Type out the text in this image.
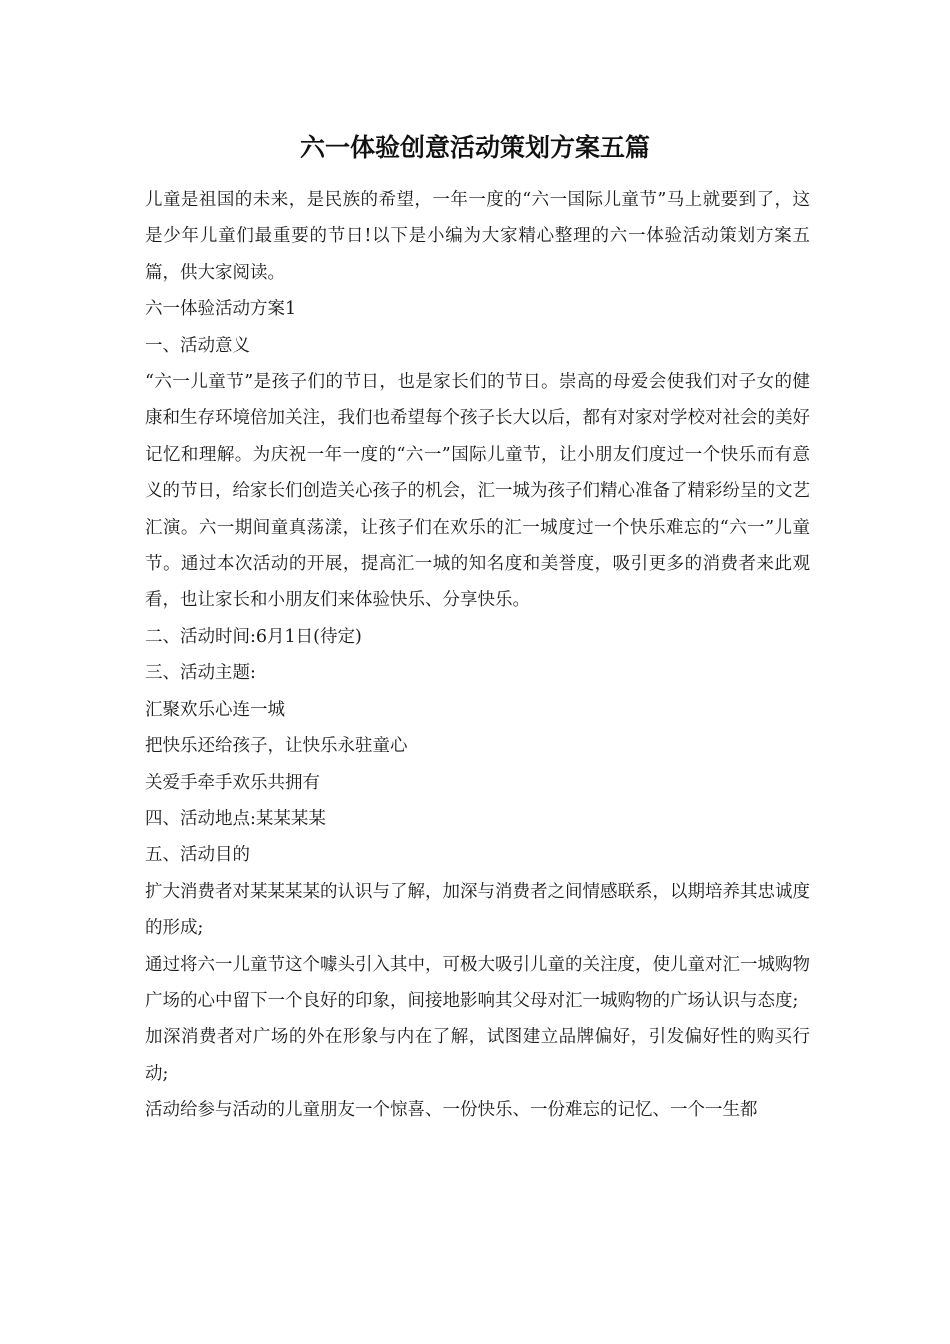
六一体验创意活动策划方案五篇

儿童是祖国的未来，是民族的希望，一年一度的“六一国际儿童节”马上就要到了，这是少年儿童们最重要的节日!以下是小编为大家精心整理的六一体验活动策划方案五篇，供大家阅读。

六一体验活动方案1

一、活动意义

“六一儿童节”是孩子们的节日，也是家长们的节日。崇高的母爱会使我们对子女的健康和生存环境倍加关注，我们也希望每个孩子长大以后，都有对家对学校对社会的美好记忆和理解。为庆祝一年一度的“六一”国际儿童节，让小朋友们度过一个快乐而有意义的节日，给家长们创造关心孩子的机会，汇一城为孩子们精心准备了精彩纷呈的文艺汇演。六一期间童真荡漾，让孩子们在欢乐的汇一城度过一个快乐难忘的“六一”儿童节。通过本次活动的开展，提高汇一城的知名度和美誉度，吸引更多的消费者来此观看，也让家长和小朋友们来体验快乐、分享快乐。

二、活动时间:6月1日(待定)

三、活动主题:

汇聚欢乐心连一城

把快乐还给孩子，让快乐永驻童心

关爱手牵手欢乐共拥有

四、活动地点:某某某某

五、活动目的

扩大消费者对某某某某的认识与了解，加深与消费者之间情感联系，以期培养其忠诚度的形成;

通过将六一儿童节这个噱头引入其中，可极大吸引儿童的关注度，使儿童对汇一城购物广场的心中留下一个良好的印象，间接地影响其父母对汇一城购物的广场认识与态度;

加深消费者对广场的外在形象与内在了解，试图建立品牌偏好，引发偏好性的购买行动;

活动给参与活动的儿童朋友一个惊喜、一份快乐、一份难忘的记忆、一个一生都
